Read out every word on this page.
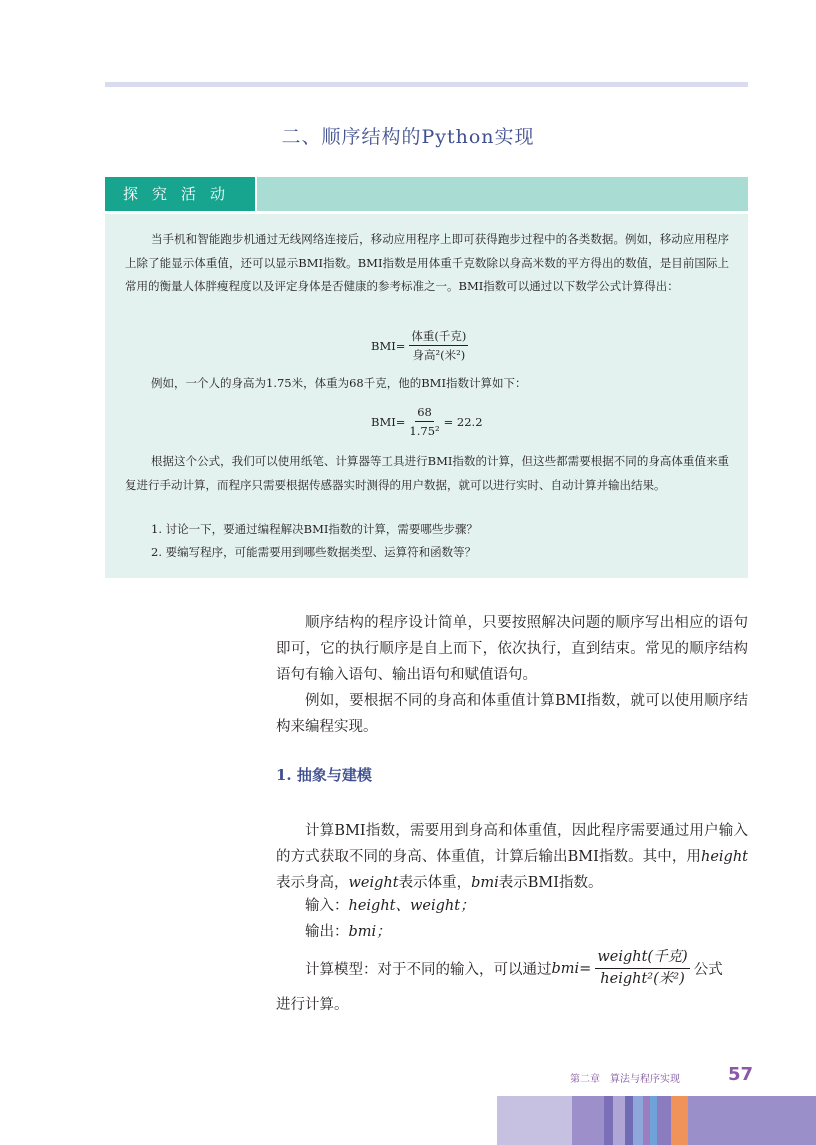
二、顺序结构的Python实现
探究活动
当手机和智能跑步机通过无线网络连接后，移动应用程序上即可获得跑步过程中的各类数据。例如，移动应用程序上除了能显示体重值，还可以显示BMI指数。BMI指数是用体重千克数除以身高米数的平方得出的数值，是目前国际上常用的衡量人体胖瘦程度以及评定身体是否健康的参考标准之一。BMI指数可以通过以下数学公式计算得出：
$BMI= \frac{\text{体重(千克)}}{\text{身高²(米²)}}$
例如，一个人的身高为1.75米，体重为68千克，他的BMI指数计算如下：
$BMI= \frac{68}{\text{1.75²}} = 22.2$
根据这个公式，我们可以使用纸笔、计算器等工具进行BMI指数的计算，但这些都需要根据不同的身高体重值来重复进行手动计算，而程序只需要根据传感器实时测得的用户数据，就可以进行实时、自动计算并输出结果。
1. 讨论一下，要通过编程解决BMI指数的计算，需要哪些步骤？
2. 要编写程序，可能需要用到哪些数据类型、运算符和函数等？
顺序结构的程序设计简单，只要按照解决问题的顺序写出相应的语句即可，它的执行顺序是自上而下，依次执行，直到结束。常见的顺序结构语句有输入语句、输出语句和赋值语句。
例如，要根据不同的身高和体重值计算BMI指数，就可以使用顺序结构来编程实现。
1. 抽象与建模
计算BMI指数，需要用到身高和体重值，因此程序需要通过用户输入的方式获取不同的身高、体重值，计算后输出BMI指数。其中，用height表示身高，weight表示体重，bmi表示BMI指数。
输入：height、weight；
输出：bmi；
计算模型：对于不同的输入，可以通过 $bmi= \frac{\text{weight(千克)}}{\text{height²(米²)}}$ 公式
进行计算。
第二章　算法与程序实现	57
